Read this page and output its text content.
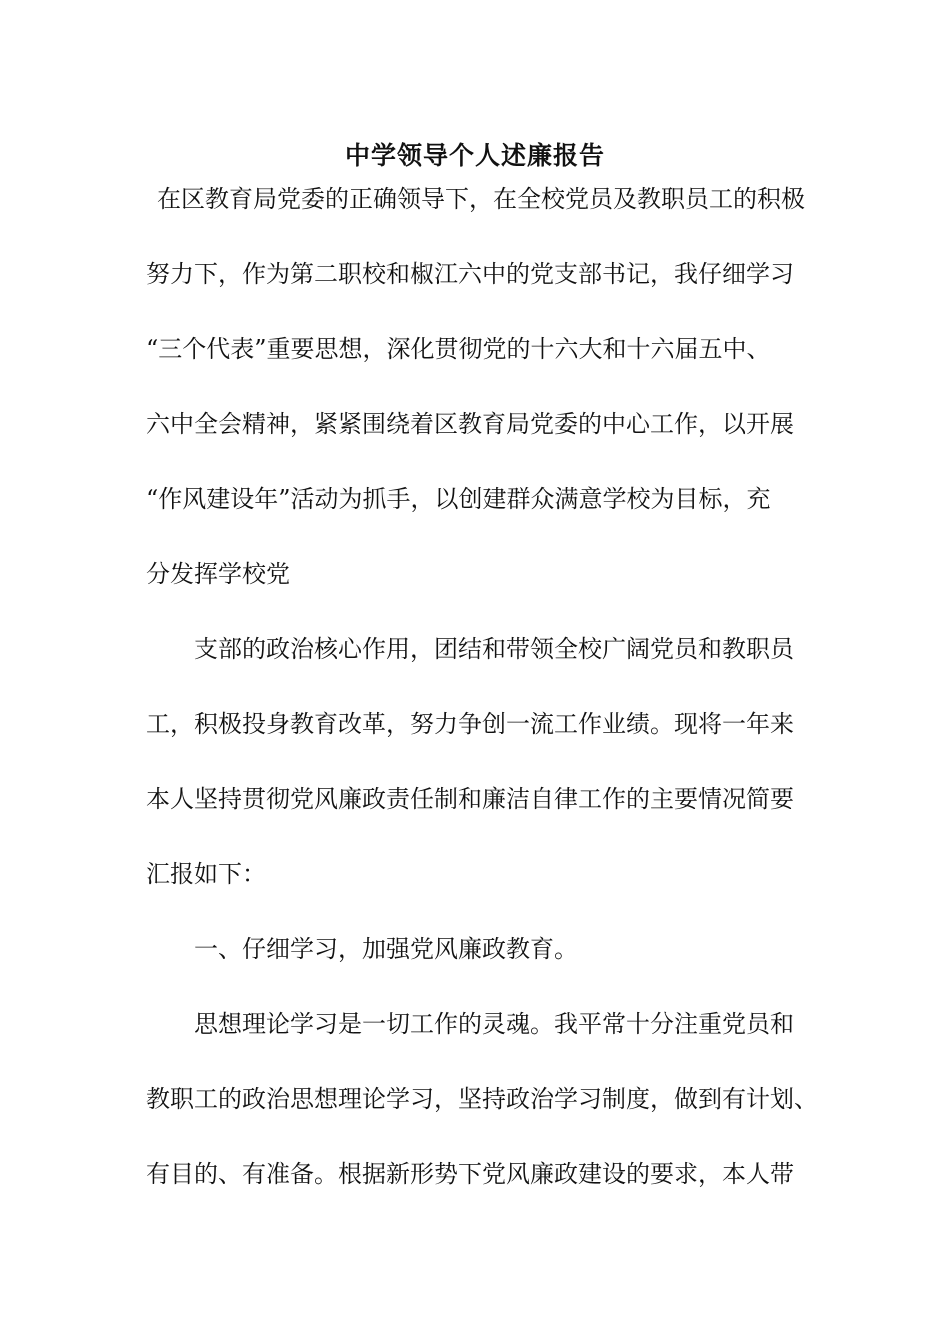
中学领导个人述廉报告
在区教育局党委的正确领导下，在全校党员及教职员工的积极
努力下，作为第二职校和椒江六中的党支部书记，我仔细学习
“三个代表”重要思想，深化贯彻党的十六大和十六届五中、
六中全会精神，紧紧围绕着区教育局党委的中心工作，以开展
“作风建设年”活动为抓手，以创建群众满意学校为目标，充
分发挥学校党
支部的政治核心作用，团结和带领全校广阔党员和教职员
工，积极投身教育改革，努力争创一流工作业绩。现将一年来
本人坚持贯彻党风廉政责任制和廉洁自律工作的主要情况简要
汇报如下：
一、仔细学习，加强党风廉政教育。
思想理论学习是一切工作的灵魂。我平常十分注重党员和
教职工的政治思想理论学习，坚持政治学习制度，做到有计划、
有目的、有准备。根据新形势下党风廉政建设的要求，本人带
